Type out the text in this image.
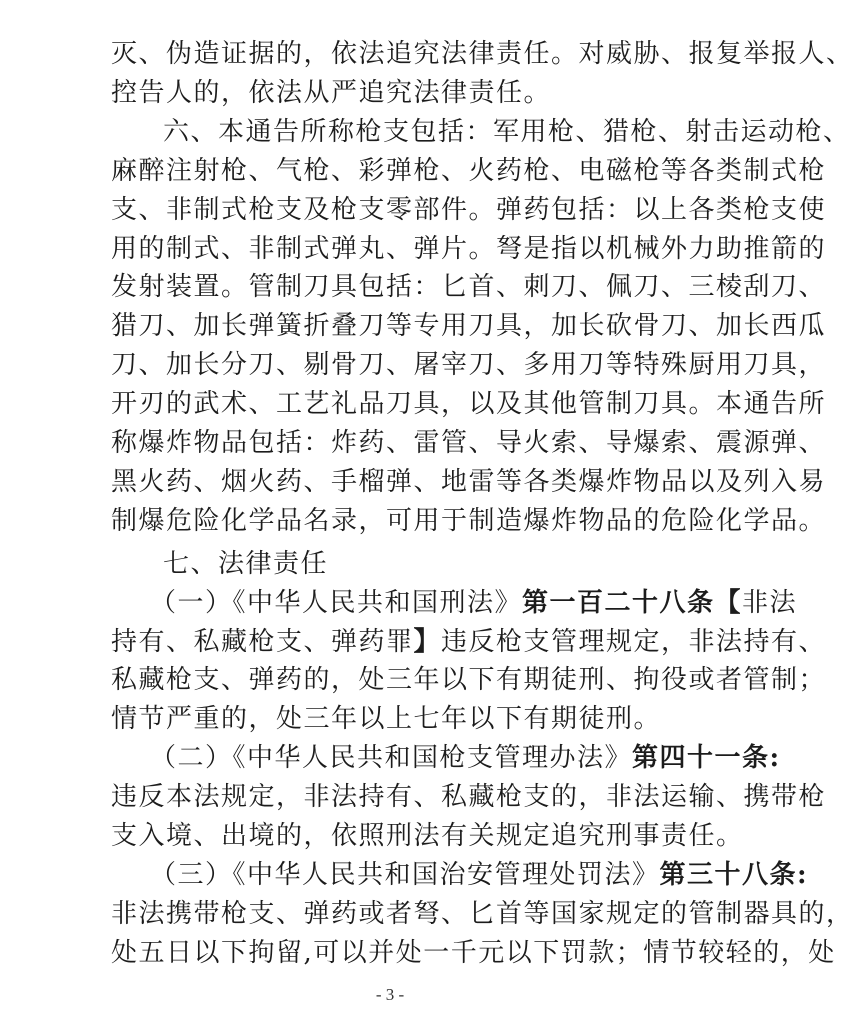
灭、伪造证据的，依法追究法律责任。对威胁、报复举报人、
控告人的，依法从严追究法律责任。
六、本通告所称枪支包括：军用枪、猎枪、射击运动枪、
麻醉注射枪、气枪、彩弹枪、火药枪、电磁枪等各类制式枪
支、非制式枪支及枪支零部件。弹药包括：以上各类枪支使
用的制式、非制式弹丸、弹片。弩是指以机械外力助推箭的
发射装置。管制刀具包括：匕首、刺刀、佩刀、三棱刮刀、
猎刀、加长弹簧折叠刀等专用刀具，加长砍骨刀、加长西瓜
刀、加长分刀、剔骨刀、屠宰刀、多用刀等特殊厨用刀具，
开刃的武术、工艺礼品刀具，以及其他管制刀具。本通告所
称爆炸物品包括：炸药、雷管、导火索、导爆索、震源弹、
黑火药、烟火药、手榴弹、地雷等各类爆炸物品以及列入易
制爆危险化学品名录，可用于制造爆炸物品的危险化学品。
七、法律责任
（一）《中华人民共和国刑法》第一百二十八条【非法
持有、私藏枪支、弹药罪】违反枪支管理规定，非法持有、
私藏枪支、弹药的，处三年以下有期徒刑、拘役或者管制；
情节严重的，处三年以上七年以下有期徒刑。
（二）《中华人民共和国枪支管理办法》第四十一条:
违反本法规定，非法持有、私藏枪支的，非法运输、携带枪
支入境、出境的，依照刑法有关规定追究刑事责任。
（三）《中华人民共和国治安管理处罚法》第三十八条:
非法携带枪支、弹药或者弩、匕首等国家规定的管制器具的，
处五日以下拘留,可以并处一千元以下罚款；情节较轻的，处
- 3 -
